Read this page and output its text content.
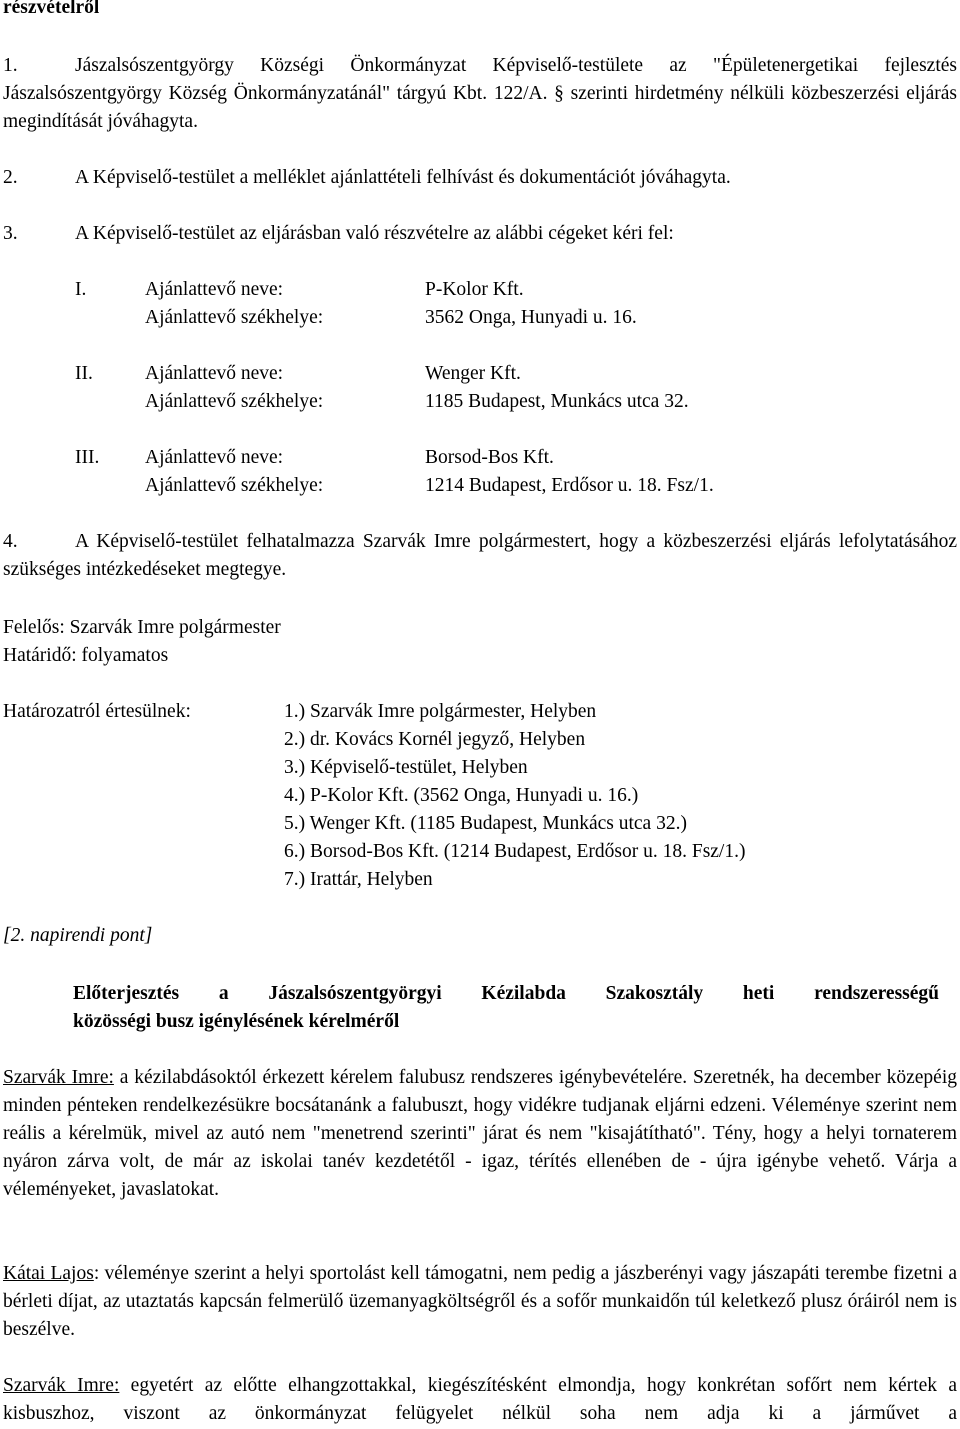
részvételről
1.	Jászalsószentgyörgy Községi Önkormányzat Képviselő-testülete az "Épületenergetikai fejlesztés Jászalsószentgyörgy Község Önkormányzatánál" tárgyú Kbt. 122/A. § szerinti hirdetmény nélküli közbeszerzési eljárás megindítását jóváhagyta.
2.	A Képviselő-testület a melléklet ajánlattételi felhívást és dokumentációt jóváhagyta.
3.	A Képviselő-testület az eljárásban való részvételre az alábbi cégeket kéri fel:
I.	Ajánlattevő neve:	P-Kolor Kft.
Ajánlattevő székhelye:	3562 Onga, Hunyadi u. 16.
II.	Ajánlattevő neve:	Wenger Kft.
Ajánlattevő székhelye:	1185 Budapest, Munkács utca 32.
III. Ajánlattevő neve:	Borsod-Bos Kft.
Ajánlattevő székhelye:	1214 Budapest, Erdősor u. 18. Fsz/1.
4.	A Képviselő-testület felhatalmazza Szarvák Imre polgármestert, hogy a közbeszerzési eljárás lefolytatásához szükséges intézkedéseket megtegye.
Felelős: Szarvák Imre polgármester
Határidő: folyamatos
Határozatról értesülnek:	1.) Szarvák Imre polgármester, Helyben
2.) dr. Kovács Kornél jegyző, Helyben
3.) Képviselő-testület, Helyben
4.) P-Kolor Kft. (3562 Onga, Hunyadi u. 16.)
5.) Wenger Kft. (1185 Budapest, Munkács utca 32.)
6.) Borsod-Bos Kft. (1214 Budapest, Erdősor u. 18. Fsz/1.)
7.) Irattár, Helyben
[2. napirendi pont]
Előterjesztés a Jászalsószentgyörgyi Kézilabda Szakosztály heti rendszerességű
közösségi busz igénylésének kérelméről
Szarvák Imre: a kézilabdásoktól érkezett kérelem falubusz rendszeres igénybevételére. Szeretnék, ha december közepéig minden pénteken rendelkezésükre bocsátanánk a falubuszt, hogy vidékre tudjanak eljárni edzeni. Véleménye szerint nem reális a kérelmük, mivel az autó nem "menetrend szerinti" járat és nem "kisajátítható". Tény, hogy a helyi tornaterem nyáron zárva volt, de már az iskolai tanév kezdetétől - igaz, térítés ellenében de - újra igénybe vehető. Várja a véleményeket, javaslatokat.
Kátai Lajos: véleménye szerint a helyi sportolást kell támogatni, nem pedig a jászberényi vagy jászapáti terembe fizetni a bérleti díjat, az utaztatás kapcsán felmerülő üzemanyagköltségről és a sofőr munkaidőn túl keletkező plusz óráiról nem is beszélve.
Szarvák Imre: egyetért az előtte elhangzottakkal, kiegészítésként elmondja, hogy konkrétan sofőrt nem kértek a kisbuszhoz, viszont az önkormányzat felügyelet nélkül soha nem adja ki a járművet a
